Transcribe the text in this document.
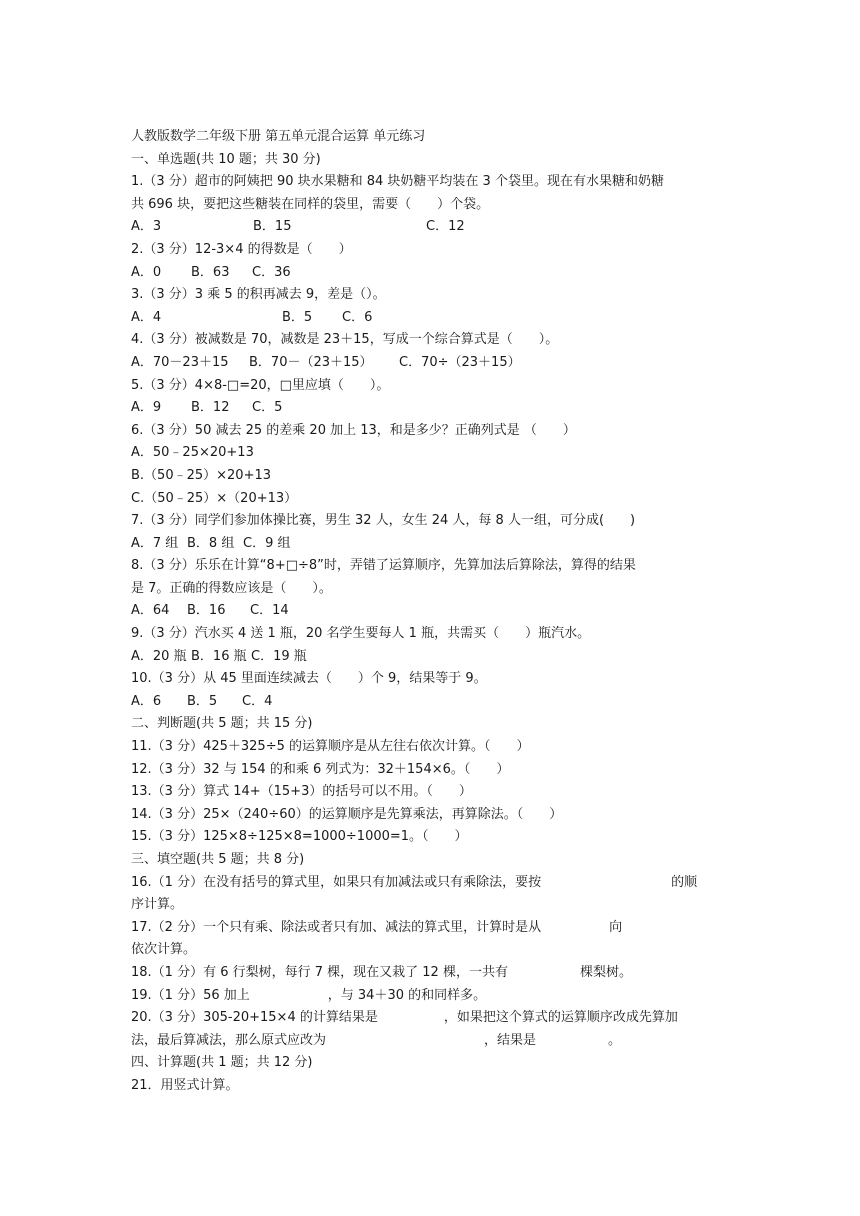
人教版数学二年级下册 第五单元混合运算 单元练习
一、单选题(共 10 题；共 30 分)
1.（3 分）超市的阿姨把 90 块水果糖和 84 块奶糖平均装在 3 个袋里。现在有水果糖和奶糖
共 696 块，要把这些糖装在同样的袋里，需要（　　）个袋。
A．3	B．15	C．12
2.（3 分）12-3×4 的得数是（　　）
A．0 B．63 C．36
3.（3 分）3 乘 5 的积再减去 9，差是（）。
A．4	B．5 C．6
4.（3 分）被减数是 70，减数是 23＋15，写成一个综合算式是（　　）。
A．70－23＋15 B．70－（23＋15） C．70÷（23＋15）
5.（3 分）4×8-□=20，□里应填（　　）。
A．9 B．12 C．5
6.（3 分）50 减去 25 的差乘 20 加上 13，和是多少？正确列式是 （　　）
A．50﹣25×20+13
B.（50﹣25）×20+13
C.（50﹣25）×（20+13）
7.（3 分）同学们参加体操比赛，男生 32 人，女生 24 人，每 8 人一组，可分成(　　)
A．7 组 B．8 组 C．9 组
8.（3 分）乐乐在计算“8+□÷8”时，弄错了运算顺序，先算加法后算除法，算得的结果
是 7。正确的得数应该是（　　）。
A．64 B．16 C．14
9.（3 分）汽水买 4 送 1 瓶，20 名学生要每人 1 瓶，共需买（　　）瓶汽水。
A．20 瓶 B．16 瓶 C．19 瓶
10.（3 分）从 45 里面连续减去（　　）个 9，结果等于 9。
A．6 B．5 C．4
二、判断题(共 5 题；共 15 分)
11.（3 分）425＋325÷5 的运算顺序是从左往右依次计算。（　　）
12.（3 分）32 与 154 的和乘 6 列式为：32＋154×6。（　　）
13.（3 分）算式 14+（15+3）的括号可以不用。（　　）
14.（3 分）25×（240÷60）的运算顺序是先算乘法，再算除法。（　　）
15.（3 分）125×8÷125×8=1000÷1000=1。（　　）
三、填空题(共 5 题；共 8 分)
16.（1 分）在没有括号的算式里，如果只有加减法或只有乘除法，要按	的顺
序计算。
17.（2 分）一个只有乘、除法或者只有加、减法的算式里，计算时是从	向
依次计算。
18.（1 分）有 6 行梨树，每行 7 棵，现在又栽了 12 棵，一共有	棵梨树。
19.（1 分）56 加上	，与 34＋30 的和同样多。
20.（3 分）305-20+15×4 的计算结果是	，如果把这个算式的运算顺序改成先算加
法，最后算减法，那么原式应改为	，结果是	。
四、计算题(共 1 题；共 12 分)
21．用竖式计算。
